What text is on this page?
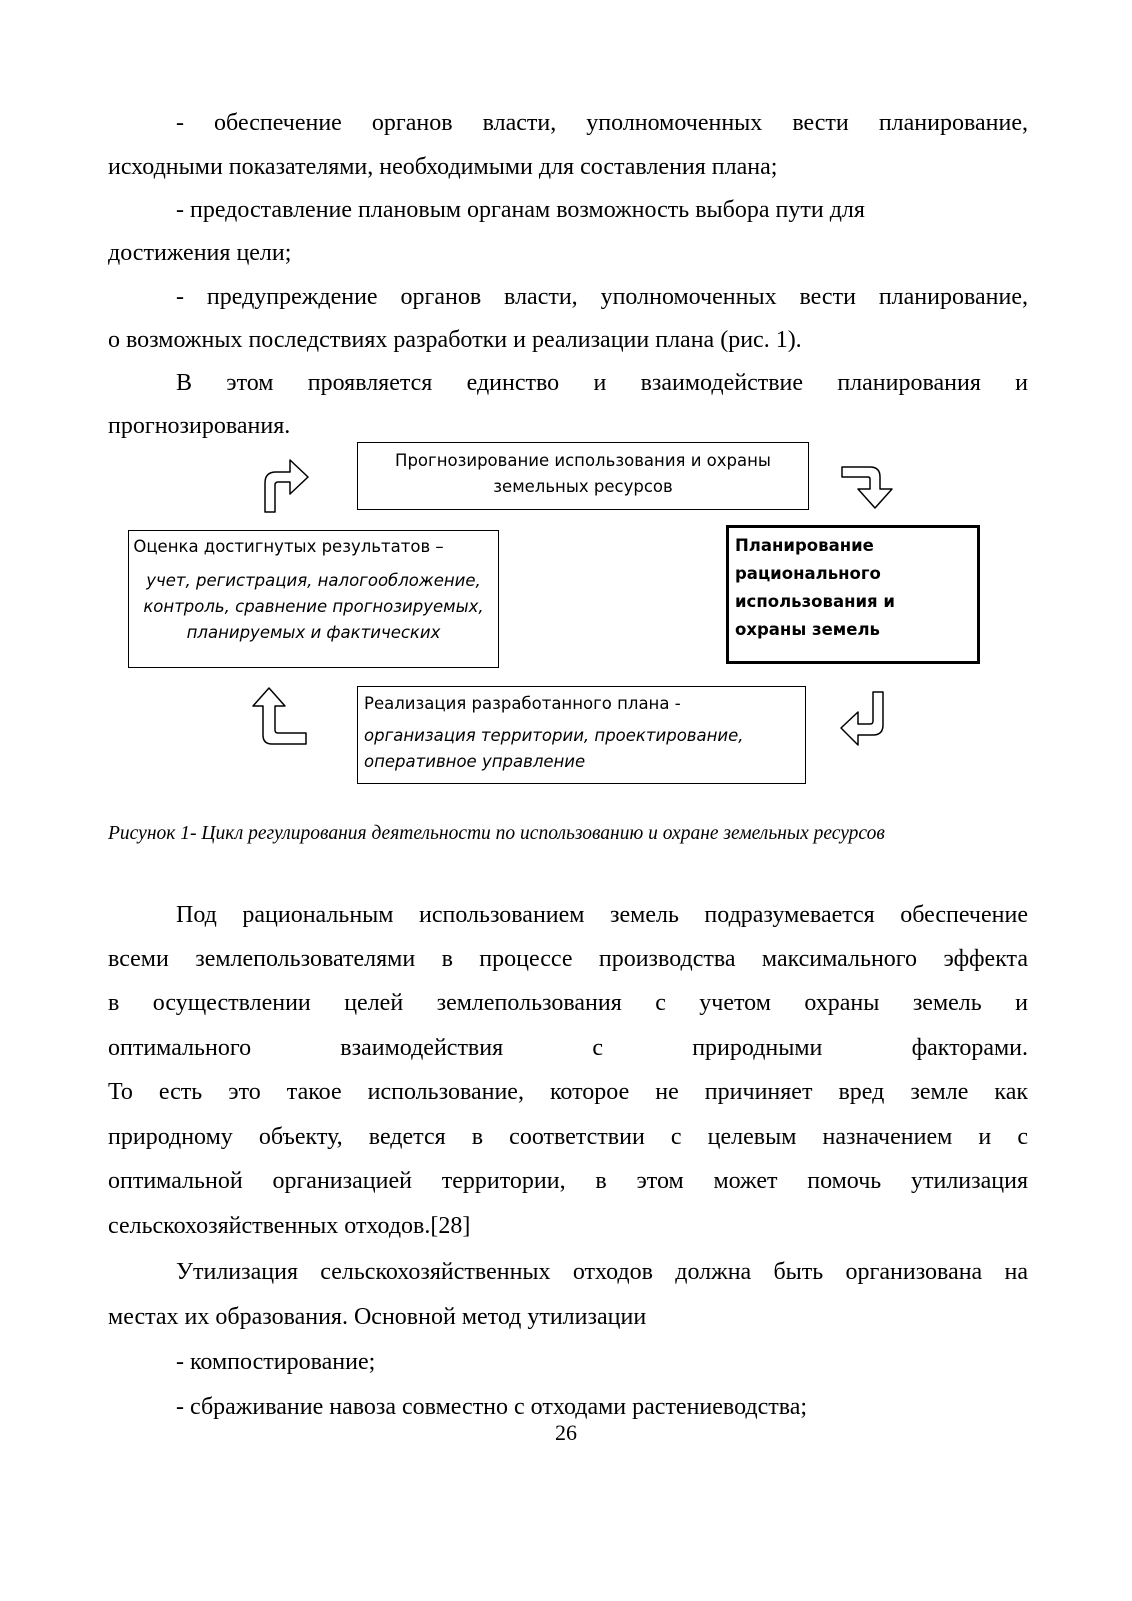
- обеспечение органов власти, уполномоченных вести планирование,
исходными показателями, необходимыми для составления плана;
- предоставление плановым органам возможность выбора пути для
достижения цели;
- предупреждение органов власти, уполномоченных вести планирование,
о возможных последствиях разработки и реализации плана (рис. 1).
В этом проявляется единство и взаимодействие планирования и
прогнозирования.
Прогнозирование использования и охраны
земельных ресурсов
Планирование
рационального
использования и
охраны земель
Оценка достигнутых результатов –
учет, регистрация, налогообложение,
контроль, сравнение прогнозируемых,
планируемых и фактических
Реализация разработанного плана -
организация территории, проектирование,
оперативное управление
Рисунок 1- Цикл регулирования деятельности по использованию и охране земельных ресурсов
Под рациональным использованием земель подразумевается обеспечение
всеми землепользователями в процессе производства максимального эффекта
в осуществлении целей землепользования с учетом охраны земель и
оптимального взаимодействия с природными факторами.
То есть это такое использование, которое не причиняет вред земле как
природному объекту, ведется в соответствии с целевым назначением и с
оптимальной организацией территории, в этом может помочь утилизация
сельскохозяйственных отходов.[28]
Утилизация сельскохозяйственных отходов должна быть организована на
местах их образования. Основной метод утилизации
- компостирование;
- сбраживание навоза совместно с отходами растениеводства;
26
